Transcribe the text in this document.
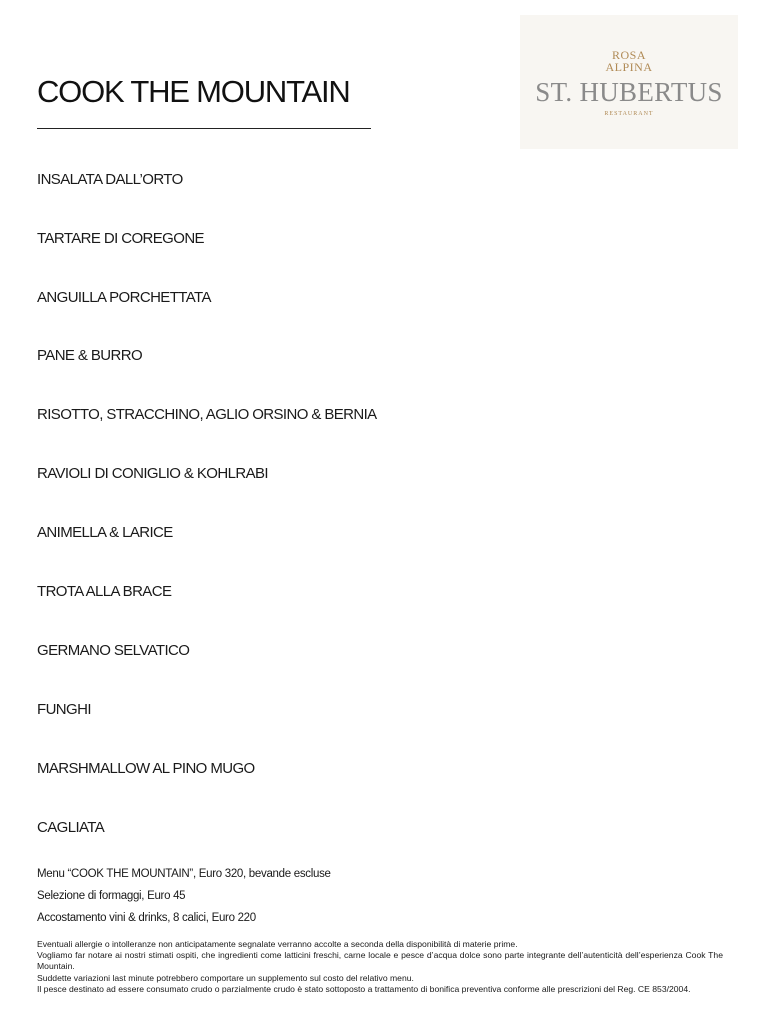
COOK THE MOUNTAIN
ROSA
ALPINA
ST. HUBERTUS
RESTAURANT
INSALATA DALL’ORTO
TARTARE DI COREGONE
ANGUILLA PORCHETTATA
PANE & BURRO
RISOTTO, STRACCHINO, AGLIO ORSINO & BERNIA
RAVIOLI DI CONIGLIO & KOHLRABI
ANIMELLA & LARICE
TROTA ALLA BRACE
GERMANO SELVATICO
FUNGHI
MARSHMALLOW AL PINO MUGO
CAGLIATA
Menu “COOK THE MOUNTAIN”, Euro 320, bevande escluse
Selezione di formaggi, Euro 45
Accostamento vini & drinks, 8 calici, Euro 220
Eventuali allergie o intolleranze non anticipatamente segnalate verranno accolte a seconda della disponibilità di materie prime.
Vogliamo far notare ai nostri stimati ospiti, che ingredienti come latticini freschi, carne locale e pesce d’acqua dolce sono parte integrante dell’autenticità dell’esperienza Cook The Mountain.
Suddette variazioni last minute potrebbero comportare un supplemento sul costo del relativo menu.
Il pesce destinato ad essere consumato crudo o parzialmente crudo è stato sottoposto a trattamento di bonifica preventiva conforme alle prescrizioni del Reg. CE 853/2004.
